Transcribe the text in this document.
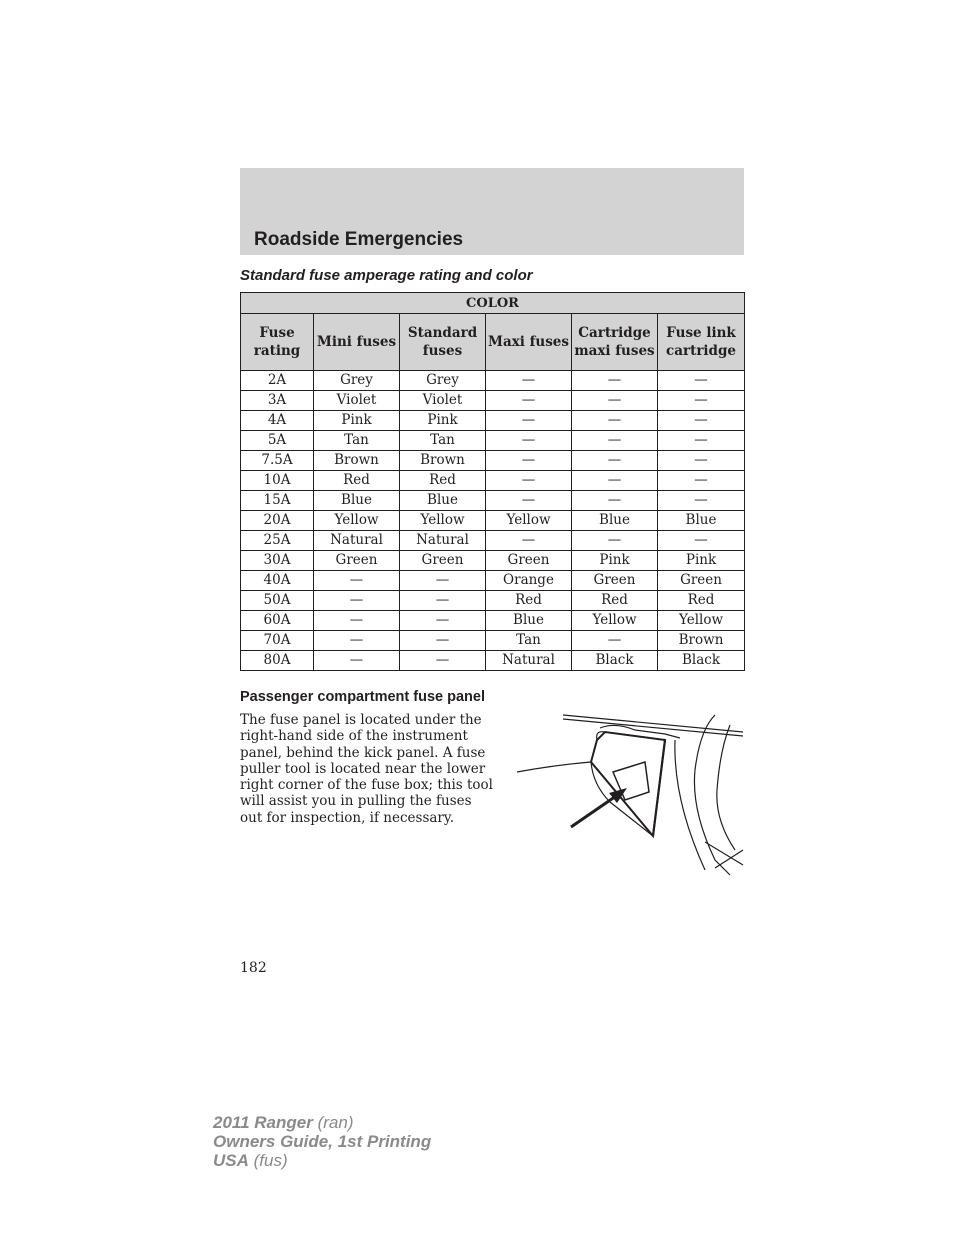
Roadside Emergencies
Standard fuse amperage rating and color
COLOR					
Fuse rating	Mini fuses	Standard fuses	Maxi fuses	Cartridge maxi fuses	Fuse link cartridge
2A	Grey	Grey	—	—	—
3A	Violet	Violet	—	—	—
4A	Pink	Pink	—	—	—
5A	Tan	Tan	—	—	—
7.5A	Brown	Brown	—	—	—
10A	Red	Red	—	—	—
15A	Blue	Blue	—	—	—
20A	Yellow	Yellow	Yellow	Blue	Blue
25A	Natural	Natural	—	—	—
30A	Green	Green	Green	Pink	Pink
40A	—	—	Orange	Green	Green
50A	—	—	Red	Red	Red
60A	—	—	Blue	Yellow	Yellow
70A	—	—	Tan	—	Brown
80A	—	—	Natural	Black	Black
Passenger compartment fuse panel
The fuse panel is located under the right-hand side of the instrument panel, behind the kick panel. A fuse puller tool is located near the lower right corner of the fuse box; this tool will assist you in pulling the fuses out for inspection, if necessary.
182
2011 Ranger (ran)
Owners Guide, 1st Printing
USA (fus)
